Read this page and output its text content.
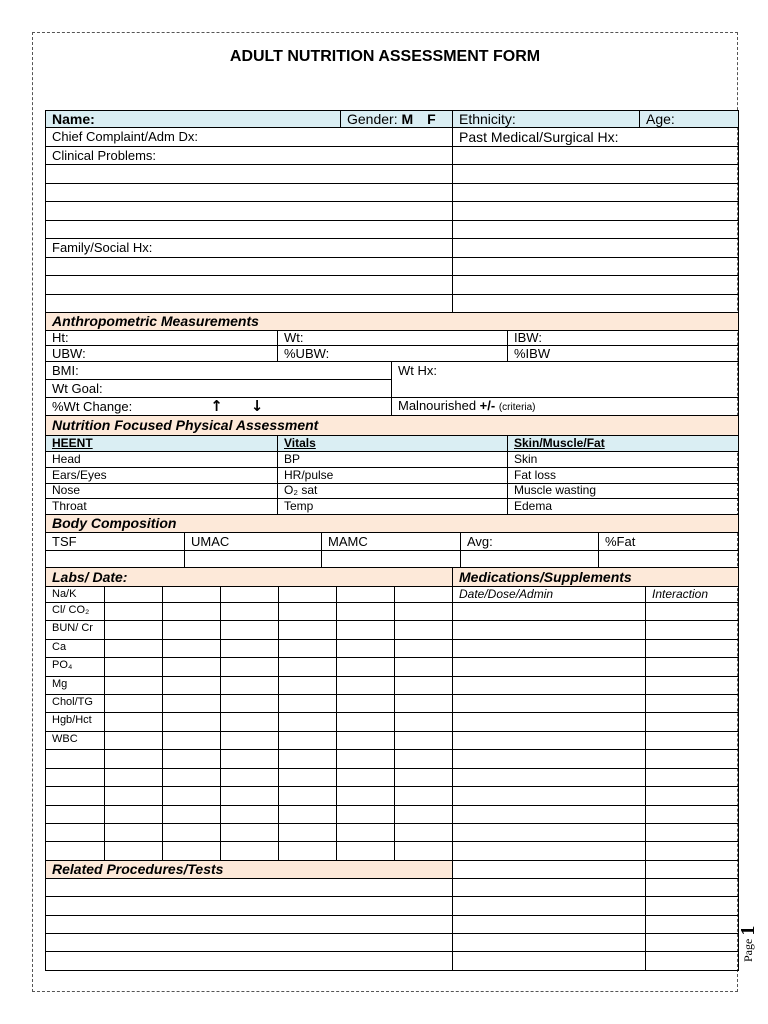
ADULT NUTRITION ASSESSMENT FORM
Name:	Gender: M F	Ethnicity:	Age:
Chief Complaint/Adm Dx:		Past Medical/Surgical Hx:	
Clinical Problems:			

Family/Social Hx:			

Anthropometric Measurements			
Ht:	Wt:		IBW:
UBW:	%UBW:		%IBW
BMI:		Wt Hx:	
Wt Goal:			
%Wt Change: ↑ ↓		Malnourished +/- (criteria)	
Nutrition Focused Physical Assessment		
HEENT	Vitals	Skin/Muscle/Fat
Head	BP	Skin
Ears/Eyes	HR/pulse	Fat loss
Nose	O₂ sat	Muscle wasting
Throat	Temp	Edema
Body Composition				
TSF	UMAC	MAMC	Avg:	%Fat

Labs/ Date:							Medications/Supplements	
Na/K							Date/Dose/Admin	Interaction
Cl/ CO₂								
BUN/ Cr								
Ca								
PO₄								
Mg								
Chol/TG								
Hgb/Hct								
WBC								

Related Procedures/Tests								

Page 1
